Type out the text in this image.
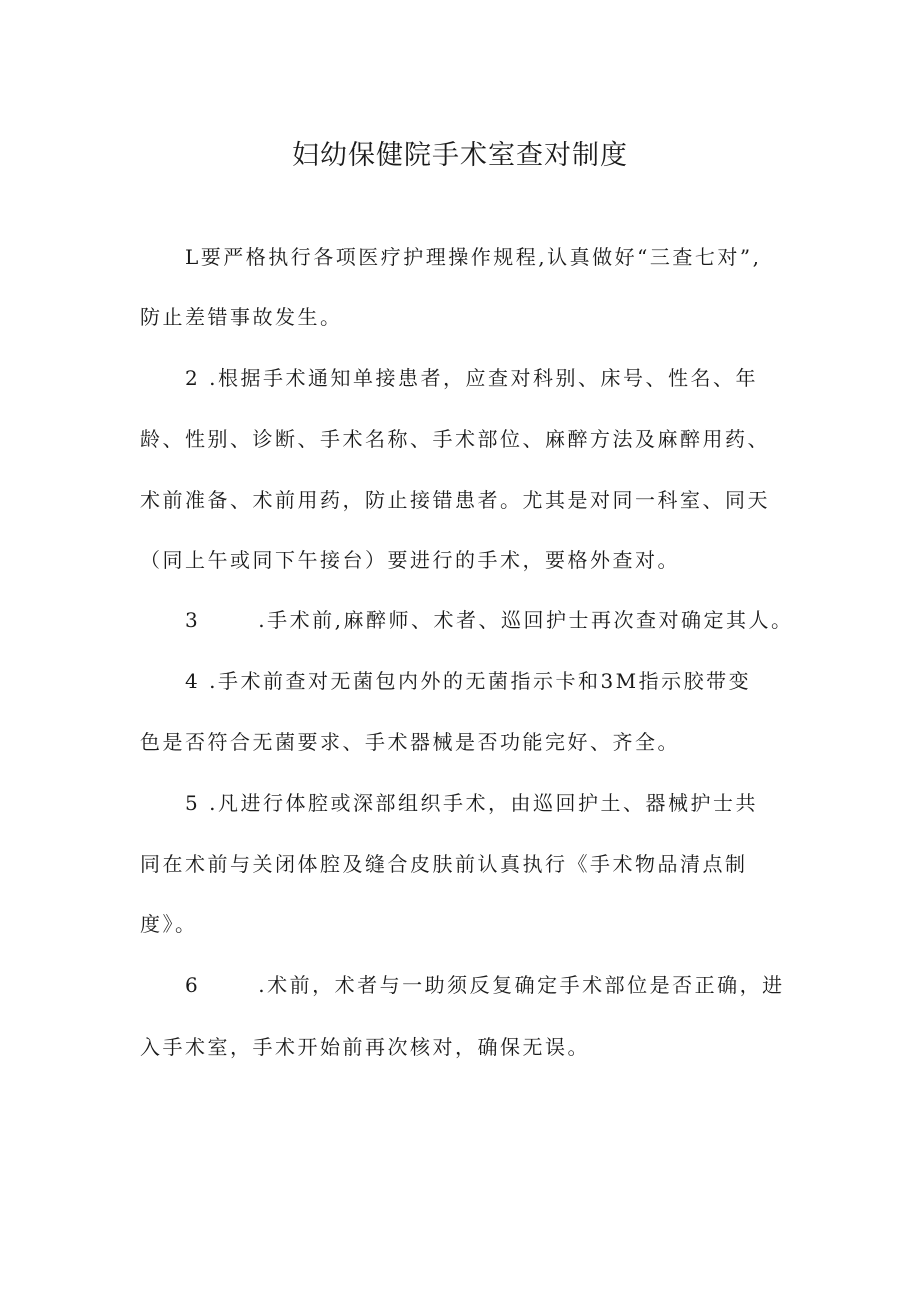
妇幼保健院手术室查对制度
L要严格执行各项医疗护理操作规程,认真做好“三查七对”,
防止差错事故发生。
2 .根据手术通知单接患者，应查对科别、床号、性名、年
龄、性别、诊断、手术名称、手术部位、麻醉方法及麻醉用药、
术前准备、术前用药，防止接错患者。尤其是对同一科室、同天
（同上午或同下午接台）要进行的手术，要格外查对。
3	.手术前,麻醉师、术者、巡回护士再次查对确定其人。
4 .手术前查对无菌包内外的无菌指示卡和3M指示胶带变
色是否符合无菌要求、手术器械是否功能完好、齐全。
5 .凡进行体腔或深部组织手术，由巡回护土、器械护士共
同在术前与关闭体腔及缝合皮肤前认真执行《手术物品清点制
度》。
6	.术前，术者与一助须反复确定手术部位是否正确，进
入手术室，手术开始前再次核对，确保无误。
